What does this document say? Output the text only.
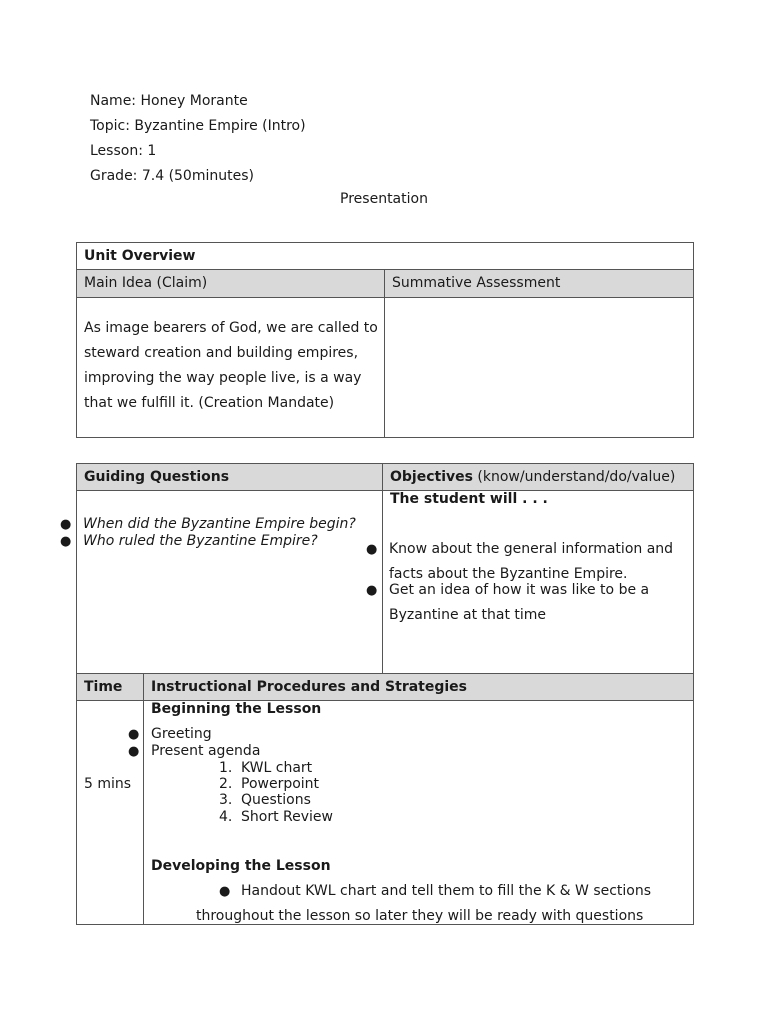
Name: Honey Morante
Topic: Byzantine Empire (Intro)
Lesson: 1
Grade: 7.4 (50minutes)
Presentation
Unit Overview
Main Idea (Claim)	Summative Assessment
As image bearers of God, we are called to steward creation and building empires, improving the way people live, is a way that we fulfill it. (Creation Mandate)
Guiding Questions	Objectives (know/understand/do/value)
● When did the Byzantine Empire begin?
● Who ruled the Byzantine Empire?
The student will . . .
● Know about the general information and
facts about the Byzantine Empire.
● Get an idea of how it was like to be a
Byzantine at that time
Time Instructional Procedures and Strategies
5 mins
Beginning the Lesson
● Greeting
● Present agenda
1. KWL chart
2. Powerpoint
3. Questions
4. Short Review
Developing the Lesson
● Handout KWL chart and tell them to fill the K & W sections
throughout the lesson so later they will be ready with questions
